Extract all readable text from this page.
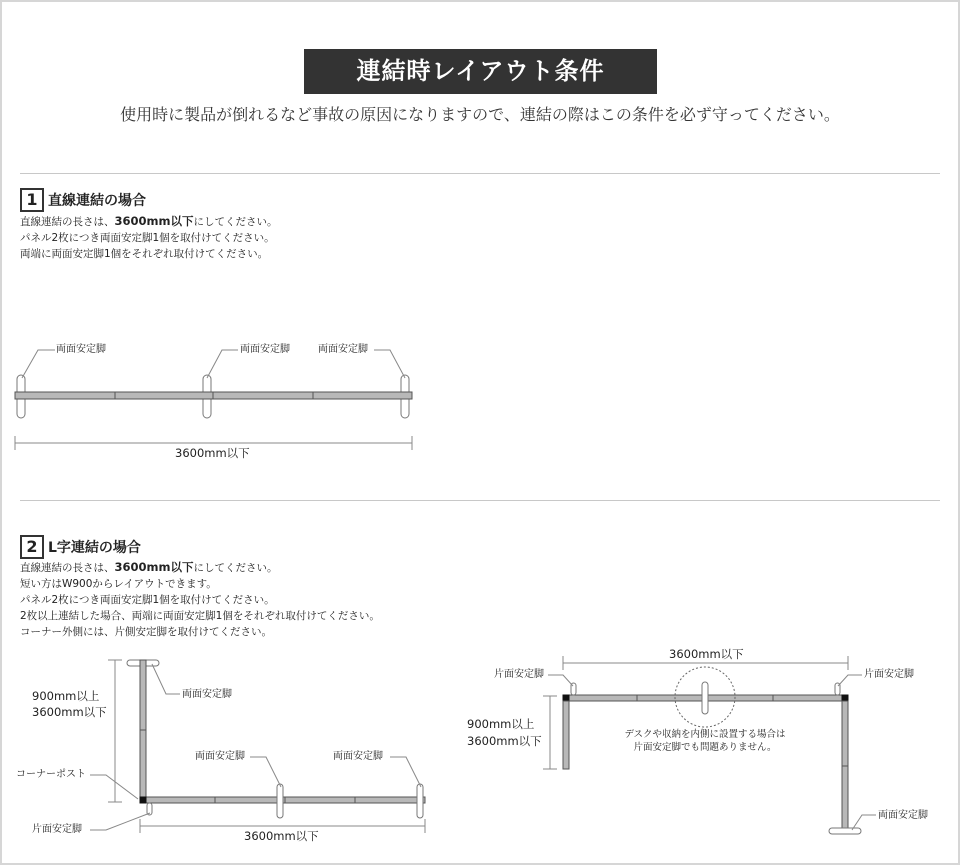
連結時レイアウト条件
使用時に製品が倒れるなど事故の原因になりますので、連結の際はこの条件を必ず守ってください。
1 直線連結の場合
直線連結の長さは、3600mm以下にしてください。
パネル2枚につき両面安定脚1個を取付けてください。
両端に両面安定脚1個をそれぞれ取付けてください。
両面安定脚	両面安定脚	両面安定脚
3600mm以下
2 L字連結の場合
直線連結の長さは、3600mm以下にしてください。
短い方はW900からレイアウトできます。
パネル2枚につき両面安定脚1個を取付けてください。
2枚以上連結した場合、両端に両面安定脚1個をそれぞれ取付けてください。
コーナー外側には、片側安定脚を取付けてください。
900mm以上
3600mm以下
両面安定脚
コーナーポスト
片面安定脚
両面安定脚	両面安定脚
3600mm以下
3600mm以下
片面安定脚	片面安定脚
900mm以上
3600mm以下	デスクや収納を内側に設置する場合は
片面安定脚でも問題ありません。
両面安定脚
